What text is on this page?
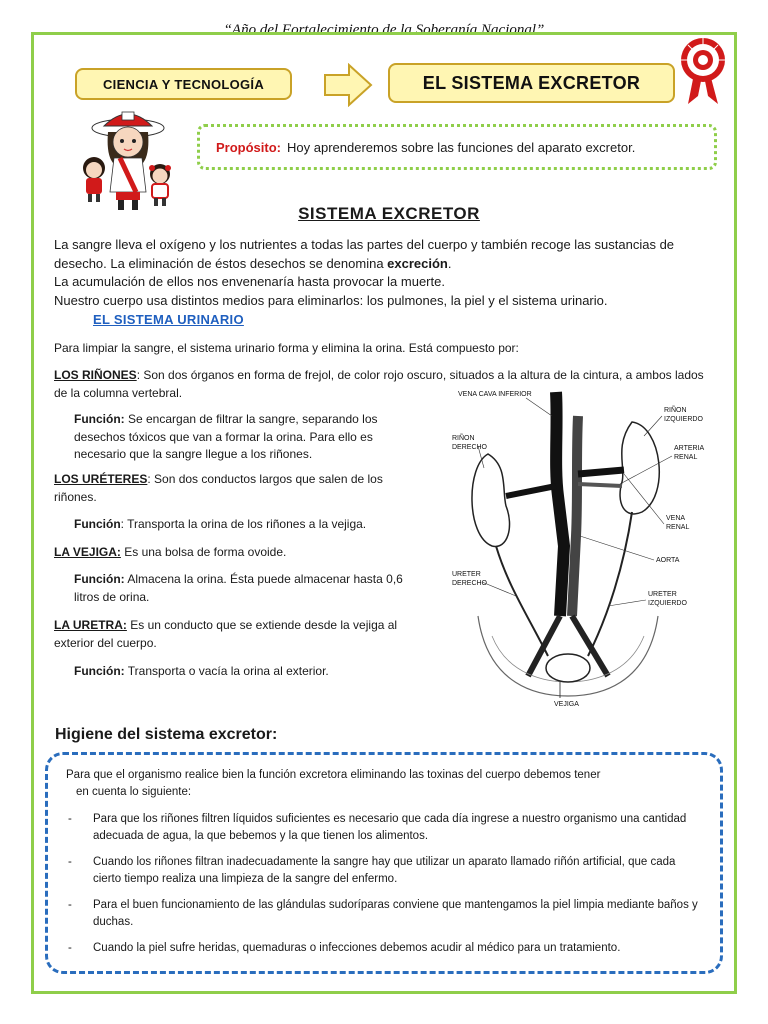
“Año del Fortalecimiento de la Soberanía Nacional”
CIENCIA Y TECNOLOGÍA	EL SISTEMA EXCRETOR
Propósito: Hoy aprenderemos sobre las funciones del aparato excretor.
SISTEMA EXCRETOR

La sangre lleva el oxígeno y los nutrientes a todas las partes del cuerpo y también recoge las sustancias de desecho. La eliminación de éstos desechos se denomina excreción.

La acumulación de ellos nos envenenaría hasta provocar la muerte.

Nuestro cuerpo usa distintos medios para eliminarlos: los pulmones, la piel y el sistema urinario.

EL SISTEMA URINARIO
Para limpiar la sangre, el sistema urinario forma y elimina la orina. Está compuesto por:
LOS RIÑONES: Son dos órganos en forma de frejol, de color rojo oscuro, situados a la altura de la cintura, a ambos lados de la columna vertebral.
Función: Se encargan de filtrar la sangre, separando los desechos tóxicos que van a formar la orina. Para ello es necesario que la sangre llegue a los riñones.
LOS URÉTERES: Son dos conductos largos que salen de los riñones.
Función: Transporta la orina de los riñones a la vejiga.
LA VEJIGA: Es una bolsa de forma ovoide.
Función: Almacena la orina. Ésta puede almacenar hasta 0,6 litros de orina.
LA URETRA: Es un conducto que se extiende desde la vejiga al exterior del cuerpo.
Función: Transporta o vacía la orina al exterior.
VENA CAVA INFERIOR
RIÑON
IZQUIERDO
RIÑON
DERECHO	ARTERIA
RENAL
VENA
RENAL
AORTA
URETER
DERECHO
URETER
IZQUIERDO
VEJIGA
Higiene del sistema excretor:
Para que el organismo realice bien la función excretora eliminando las toxinas del cuerpo debemos tener
en cuenta lo siguiente:
-	Para que los riñones filtren líquidos suficientes es necesario que cada día ingrese a nuestro organismo una cantidad adecuada de agua, la que bebemos y la que tienen los alimentos.
-	Cuando los riñones filtran inadecuadamente la sangre hay que utilizar un aparato llamado riñón artificial, que cada cierto tiempo realiza una limpieza de la sangre del enfermo.
-	Para el buen funcionamiento de las glándulas sudoríparas conviene que mantengamos la piel limpia mediante baños y duchas.
-	Cuando la piel sufre heridas, quemaduras o infecciones debemos acudir al médico para un tratamiento.
